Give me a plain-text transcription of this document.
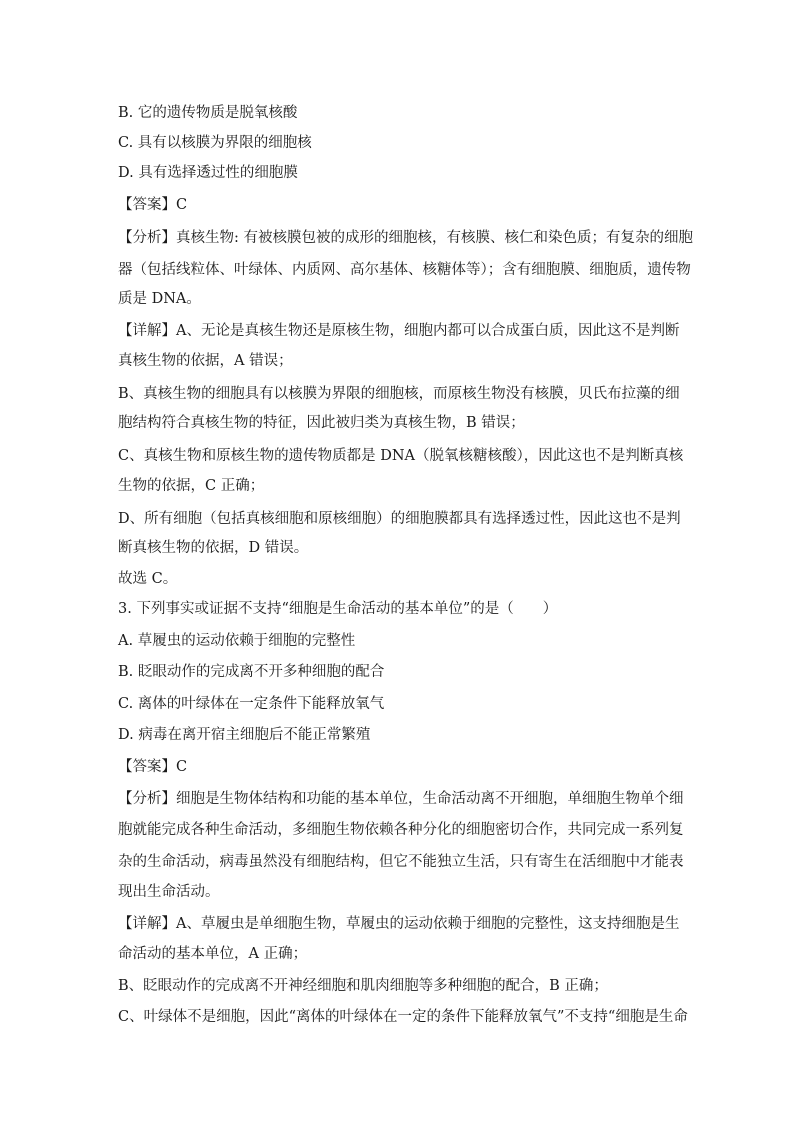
B. 它的遗传物质是脱氧核酸
C. 具有以核膜为界限的细胞核
D. 具有选择透过性的细胞膜
【答案】C
【分析】真核生物: 有被核膜包被的成形的细胞核，有核膜、核仁和染色质；有复杂的细胞
器（包括线粒体、叶绿体、内质网、高尔基体、核糖体等）；含有细胞膜、细胞质，遗传物
质是 DNA。
【详解】A、无论是真核生物还是原核生物，细胞内都可以合成蛋白质，因此这不是判断
真核生物的依据，A 错误；
B、真核生物的细胞具有以核膜为界限的细胞核，而原核生物没有核膜，贝氏布拉藻的细
胞结构符合真核生物的特征，因此被归类为真核生物，B 错误；
C、真核生物和原核生物的遗传物质都是 DNA（脱氧核糖核酸），因此这也不是判断真核
生物的依据，C 正确；
D、所有细胞（包括真核细胞和原核细胞）的细胞膜都具有选择透过性，因此这也不是判
断真核生物的依据，D 错误。
故选 C。
3. 下列事实或证据不支持“细胞是生命活动的基本单位”的是（　　）
A. 草履虫的运动依赖于细胞的完整性
B. 眨眼动作的完成离不开多种细胞的配合
C. 离体的叶绿体在一定条件下能释放氧气
D. 病毒在离开宿主细胞后不能正常繁殖
【答案】C
【分析】细胞是生物体结构和功能的基本单位，生命活动离不开细胞，单细胞生物单个细
胞就能完成各种生命活动，多细胞生物依赖各种分化的细胞密切合作，共同完成一系列复
杂的生命活动，病毒虽然没有细胞结构，但它不能独立生活，只有寄生在活细胞中才能表
现出生命活动。
【详解】A、草履虫是单细胞生物，草履虫的运动依赖于细胞的完整性，这支持细胞是生
命活动的基本单位，A 正确；
B、眨眼动作的完成离不开神经细胞和肌肉细胞等多种细胞的配合，B 正确；
C、叶绿体不是细胞，因此“离体的叶绿体在一定的条件下能释放氧气”不支持“细胞是生命
